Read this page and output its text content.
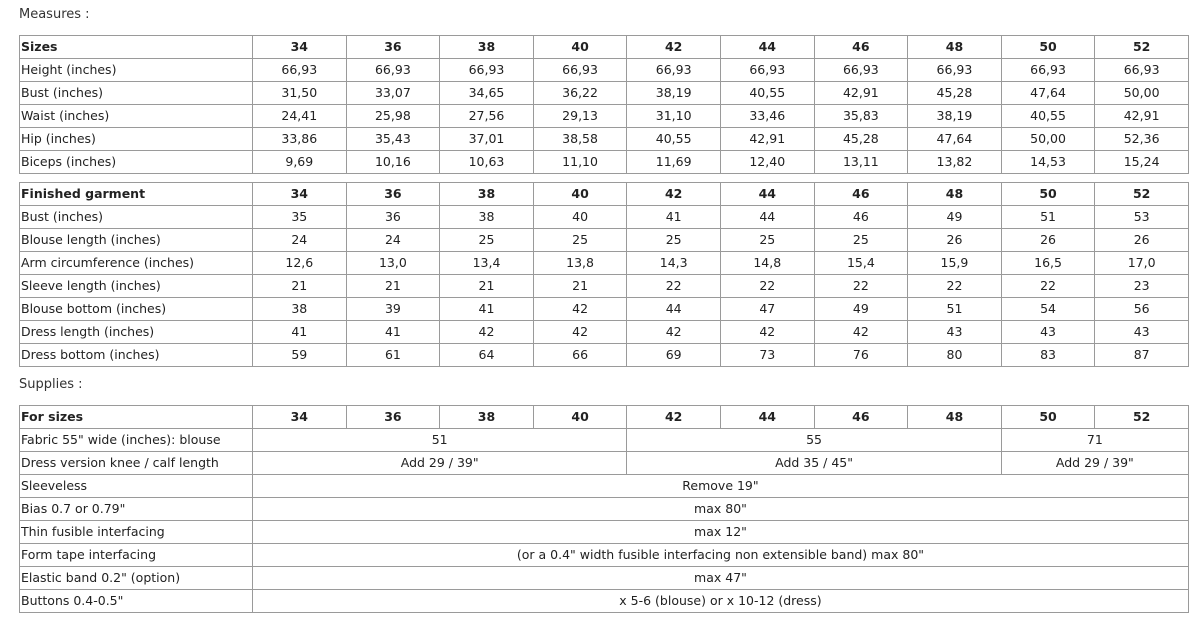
Measures :
Sizes	34	36	38	40	42	44	46	48	50	52
Height (inches)	66,93	66,93	66,93	66,93	66,93	66,93	66,93	66,93	66,93	66,93
Bust (inches)	31,50	33,07	34,65	36,22	38,19	40,55	42,91	45,28	47,64	50,00
Waist (inches)	24,41	25,98	27,56	29,13	31,10	33,46	35,83	38,19	40,55	42,91
Hip (inches)	33,86	35,43	37,01	38,58	40,55	42,91	45,28	47,64	50,00	52,36
Biceps (inches)	9,69	10,16	10,63	11,10	11,69	12,40	13,11	13,82	14,53	15,24
Finished garment	34	36	38	40	42	44	46	48	50	52
Bust (inches)	35	36	38	40	41	44	46	49	51	53
Blouse length (inches)	24	24	25	25	25	25	25	26	26	26
Arm circumference (inches)	12,6	13,0	13,4	13,8	14,3	14,8	15,4	15,9	16,5	17,0
Sleeve length (inches)	21	21	21	21	22	22	22	22	22	23
Blouse bottom (inches)	38	39	41	42	44	47	49	51	54	56
Dress length (inches)	41	41	42	42	42	42	42	43	43	43
Dress bottom (inches)	59	61	64	66	69	73	76	80	83	87
Supplies :
For sizes	34	36	38	40	42	44	46	48	50	52
Fabric 55" wide (inches): blouse	51				55				71	
Dress version knee / calf length	Add 29 / 39"				Add 35 / 45"				Add 29 / 39"	
Sleeveless	Remove 19"									
Bias 0.7 or 0.79"	max 80"									
Thin fusible interfacing	max 12"									
Form tape interfacing	(or a 0.4" width fusible interfacing non extensible band) max 80"									
Elastic band 0.2" (option)	max 47"									
Buttons 0.4-0.5"	x 5-6 (blouse) or x 10-12 (dress)									
